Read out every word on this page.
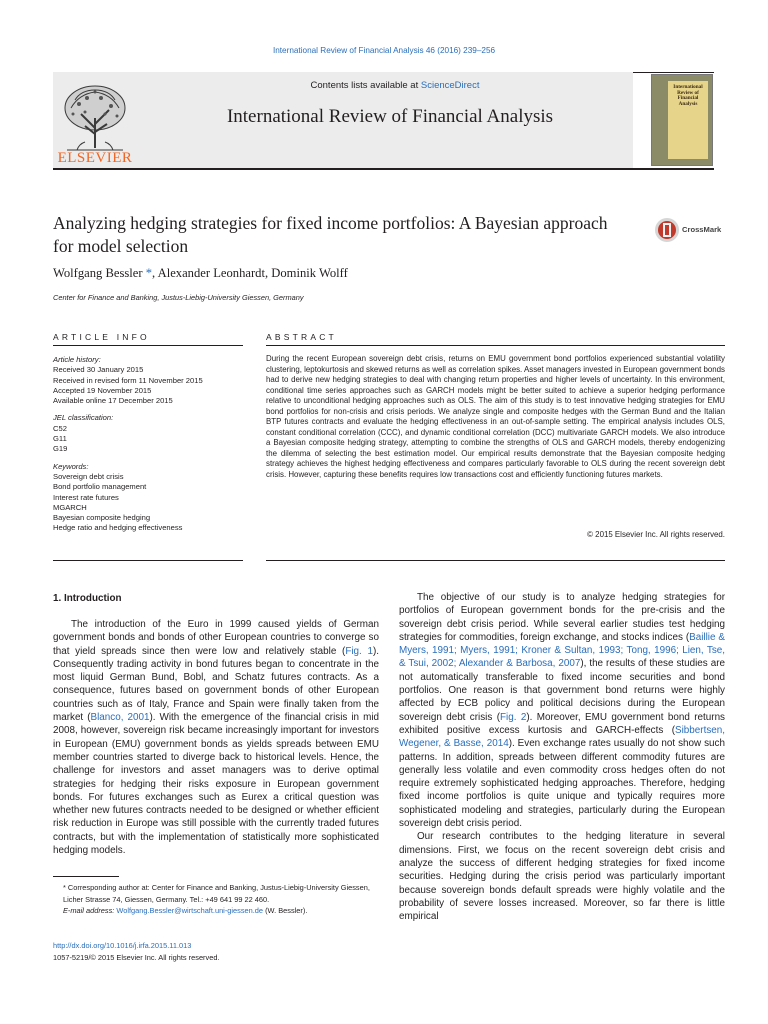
International Review of Financial Analysis 46 (2016) 239–256
Contents lists available at ScienceDirect
International Review of Financial Analysis
ELSEVIER
International Review of Financial Analysis
Analyzing hedging strategies for fixed income portfolios: A Bayesian approach for model selection
CrossMark
Wolfgang Bessler *, Alexander Leonhardt, Dominik Wolff
Center for Finance and Banking, Justus-Liebig-University Giessen, Germany
ARTICLE INFO	ABSTRACT
Article history:
Received 30 January 2015
Received in revised form 11 November 2015
Accepted 19 November 2015
Available online 17 December 2015
JEL classification:
C52
G11
G19
Keywords:
Sovereign debt crisis
Bond portfolio management
Interest rate futures
MGARCH
Bayesian composite hedging
Hedge ratio and hedging effectiveness
During the recent European sovereign debt crisis, returns on EMU government bond portfolios experienced substantial volatility clustering, leptokurtosis and skewed returns as well as correlation spikes. Asset managers invested in European government bonds had to derive new hedging strategies to deal with changing return properties and higher levels of uncertainty. In this environment, conditional time series approaches such as GARCH models might be better suited to achieve a superior hedging performance relative to unconditional hedging approaches such as OLS. The aim of this study is to test innovative hedging strategies for EMU bond portfolios for non-crisis and crisis periods. We analyze single and composite hedges with the German Bund and the Italian BTP futures contracts and evaluate the hedging effectiveness in an out-of-sample setting. The empirical analysis includes OLS, constant conditional correlation (CCC), and dynamic conditional correlation (DCC) multivariate GARCH models. We also introduce a Bayesian composite hedging strategy, attempting to combine the strengths of OLS and GARCH models, thereby endogenizing the dilemma of selecting the best estimation model. Our empirical results demonstrate that the Bayesian composite hedging strategy achieves the highest hedging effectiveness and compares particularly favorable to OLS during the recent sovereign debt crisis. However, capturing these benefits requires low transactions cost and efficiently functioning futures markets.
© 2015 Elsevier Inc. All rights reserved.
1. Introduction

The introduction of the Euro in 1999 caused yields of German government bonds and bonds of other European countries to converge so that yield spreads since then were low and relatively stable (Fig. 1). Consequently trading activity in bond futures began to concentrate in the most liquid German Bund, Bobl, and Schatz futures contracts. As a consequence, futures based on government bonds of other European countries such as of Italy, France and Spain were finally taken from the market (Blanco, 2001). With the emergence of the financial crisis in mid 2008, however, sovereign risk became increasingly important for investors in European (EMU) government bonds as yields spreads between EMU member countries started to diverge back to historical levels. Hence, the challenge for investors and asset managers was to derive optimal strategies for hedging their risks exposure in European government bonds. For futures exchanges such as Eurex a critical question was whether new futures contracts needed to be designed or whether efficient risk reduction in Europe was still possible with the currently traded futures contracts, but with the implementation of statistically more sophisticated hedging models.

The objective of our study is to analyze hedging strategies for portfolios of European government bonds for the pre-crisis and the sovereign debt crisis period. While several earlier studies test hedging strategies for commodities, foreign exchange, and stocks indices (Baillie & Myers, 1991; Myers, 1991; Kroner & Sultan, 1993; Tong, 1996; Lien, Tse, & Tsui, 2002; Alexander & Barbosa, 2007), the results of these studies are not automatically transferable to fixed income securities and bond portfolios. One reason is that government bond returns were highly affected by ECB policy and political decisions during the European sovereign debt crisis (Fig. 2). Moreover, EMU government bond returns exhibited positive excess kurtosis and GARCH-effects (Sibbertsen, Wegener, & Basse, 2014). Even exchange rates usually do not show such patterns. In addition, spreads between different commodity futures are generally less volatile and even commodity cross hedges often do not require extremely sophisticated hedging approaches. Therefore, hedging fixed income portfolios is quite unique and typically requires more sophisticated modeling and strategies, particularly during the European sovereign debt crisis period.

Our research contributes to the hedging literature in several dimensions. First, we focus on the recent sovereign debt crisis and analyze the success of different hedging strategies for fixed income securities. Hedging during the crisis period was particularly important because sovereign bonds default spreads were highly volatile and the probability of severe losses increased. Moreover, so far there is little empirical

* Corresponding author at: Center for Finance and Banking, Justus-Liebig-University Giessen, Licher Strasse 74, Giessen, Germany. Tel.: +49 641 99 22 460.
E-mail address: Wolfgang.Bessler@wirtschaft.uni-giessen.de (W. Bessler).
http://dx.doi.org/10.1016/j.irfa.2015.11.013
1057-5219/© 2015 Elsevier Inc. All rights reserved.
